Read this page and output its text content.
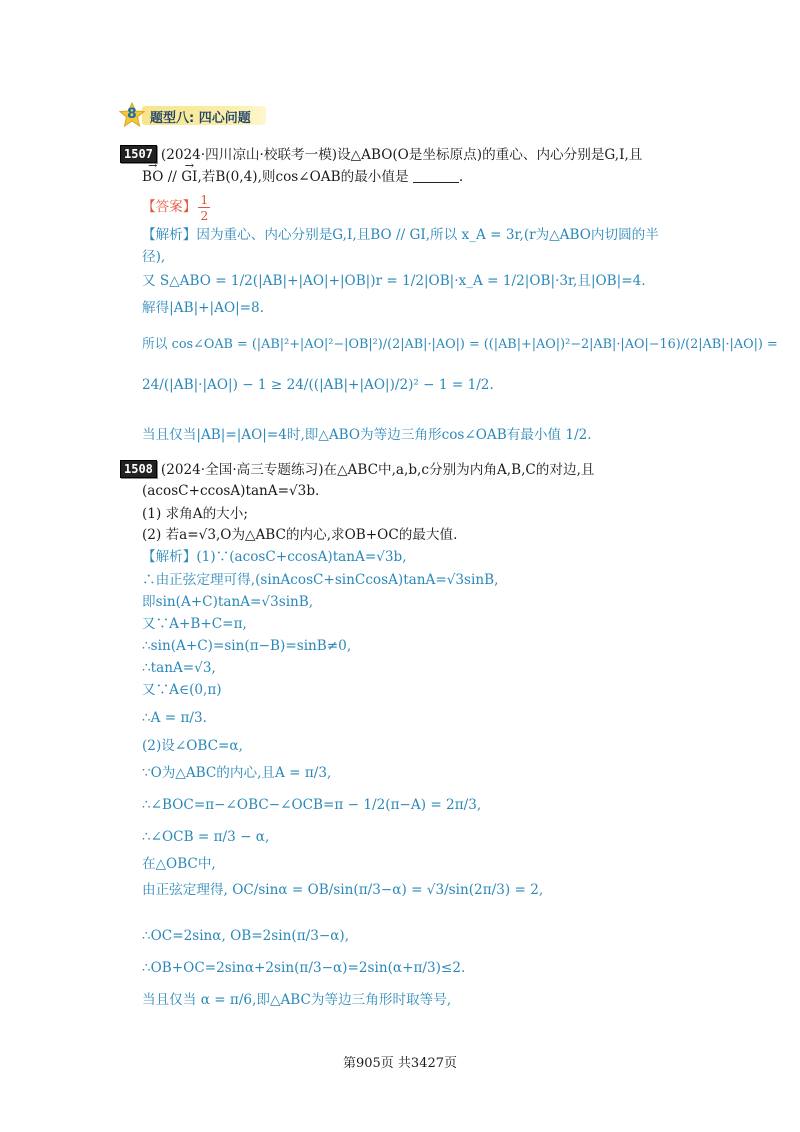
题型八: 四心问题
8
1507 (2024·四川凉山·校联考一模)设△ABO(O是坐标原点)的重心、内心分别是G,I,且
→ BO // → GI,若B(0,4),则cos∠OAB的最小值是	.
【答案】 $\frac{1}{2}$
【解析】因为重心、内心分别是G,I,且BO // GI,所以 x_A = 3r,(r为△ABO内切圆的半
径),
又 S△ABO = 1/2(|AB|+|AO|+|OB|)r = 1/2|OB|·x_A = 1/2|OB|·3r,且|OB|=4.
解得|AB|+|AO|=8.
所以 cos∠OAB = (|AB|²+|AO|²−|OB|²)/(2|AB|·|AO|) = ((|AB|+|AO|)²−2|AB|·|AO|−16)/(2|AB|·|AO|) =
24/(|AB|·|AO|) − 1 ≥ 24/((|AB|+|AO|)/2)² − 1 = 1/2.
当且仅当|AB|=|AO|=4时,即△ABO为等边三角形cos∠OAB有最小值 1/2.
1508 (2024·全国·高三专题练习)在△ABC中,a,b,c分别为内角A,B,C的对边,且
(acosC+ccosA)tanA=√3b.
(1) 求角A的大小;
(2) 若a=√3,O为△ABC的内心,求OB+OC的最大值.
【解析】(1)∵(acosC+ccosA)tanA=√3b,
∴由正弦定理可得,(sinAcosC+sinCcosA)tanA=√3sinB,
即sin(A+C)tanA=√3sinB,
又∵A+B+C=π,
∴sin(A+C)=sin(π−B)=sinB≠0,
∴tanA=√3,
又∵A∈(0,π)
∴A = π/3.
(2)设∠OBC=α,
∵O为△ABC的内心,且A = π/3,
∴∠BOC=π−∠OBC−∠OCB=π − 1/2(π−A) = 2π/3,
∴∠OCB = π/3 − α,
在△OBC中,
由正弦定理得, OC/sinα = OB/sin(π/3−α) = √3/sin(2π/3) = 2,
∴OC=2sinα, OB=2sin(π/3−α),
∴OB+OC=2sinα+2sin(π/3−α)=2sin(α+π/3)≤2.
当且仅当 α = π/6,即△ABC为等边三角形时取等号,
第905页 共3427页
